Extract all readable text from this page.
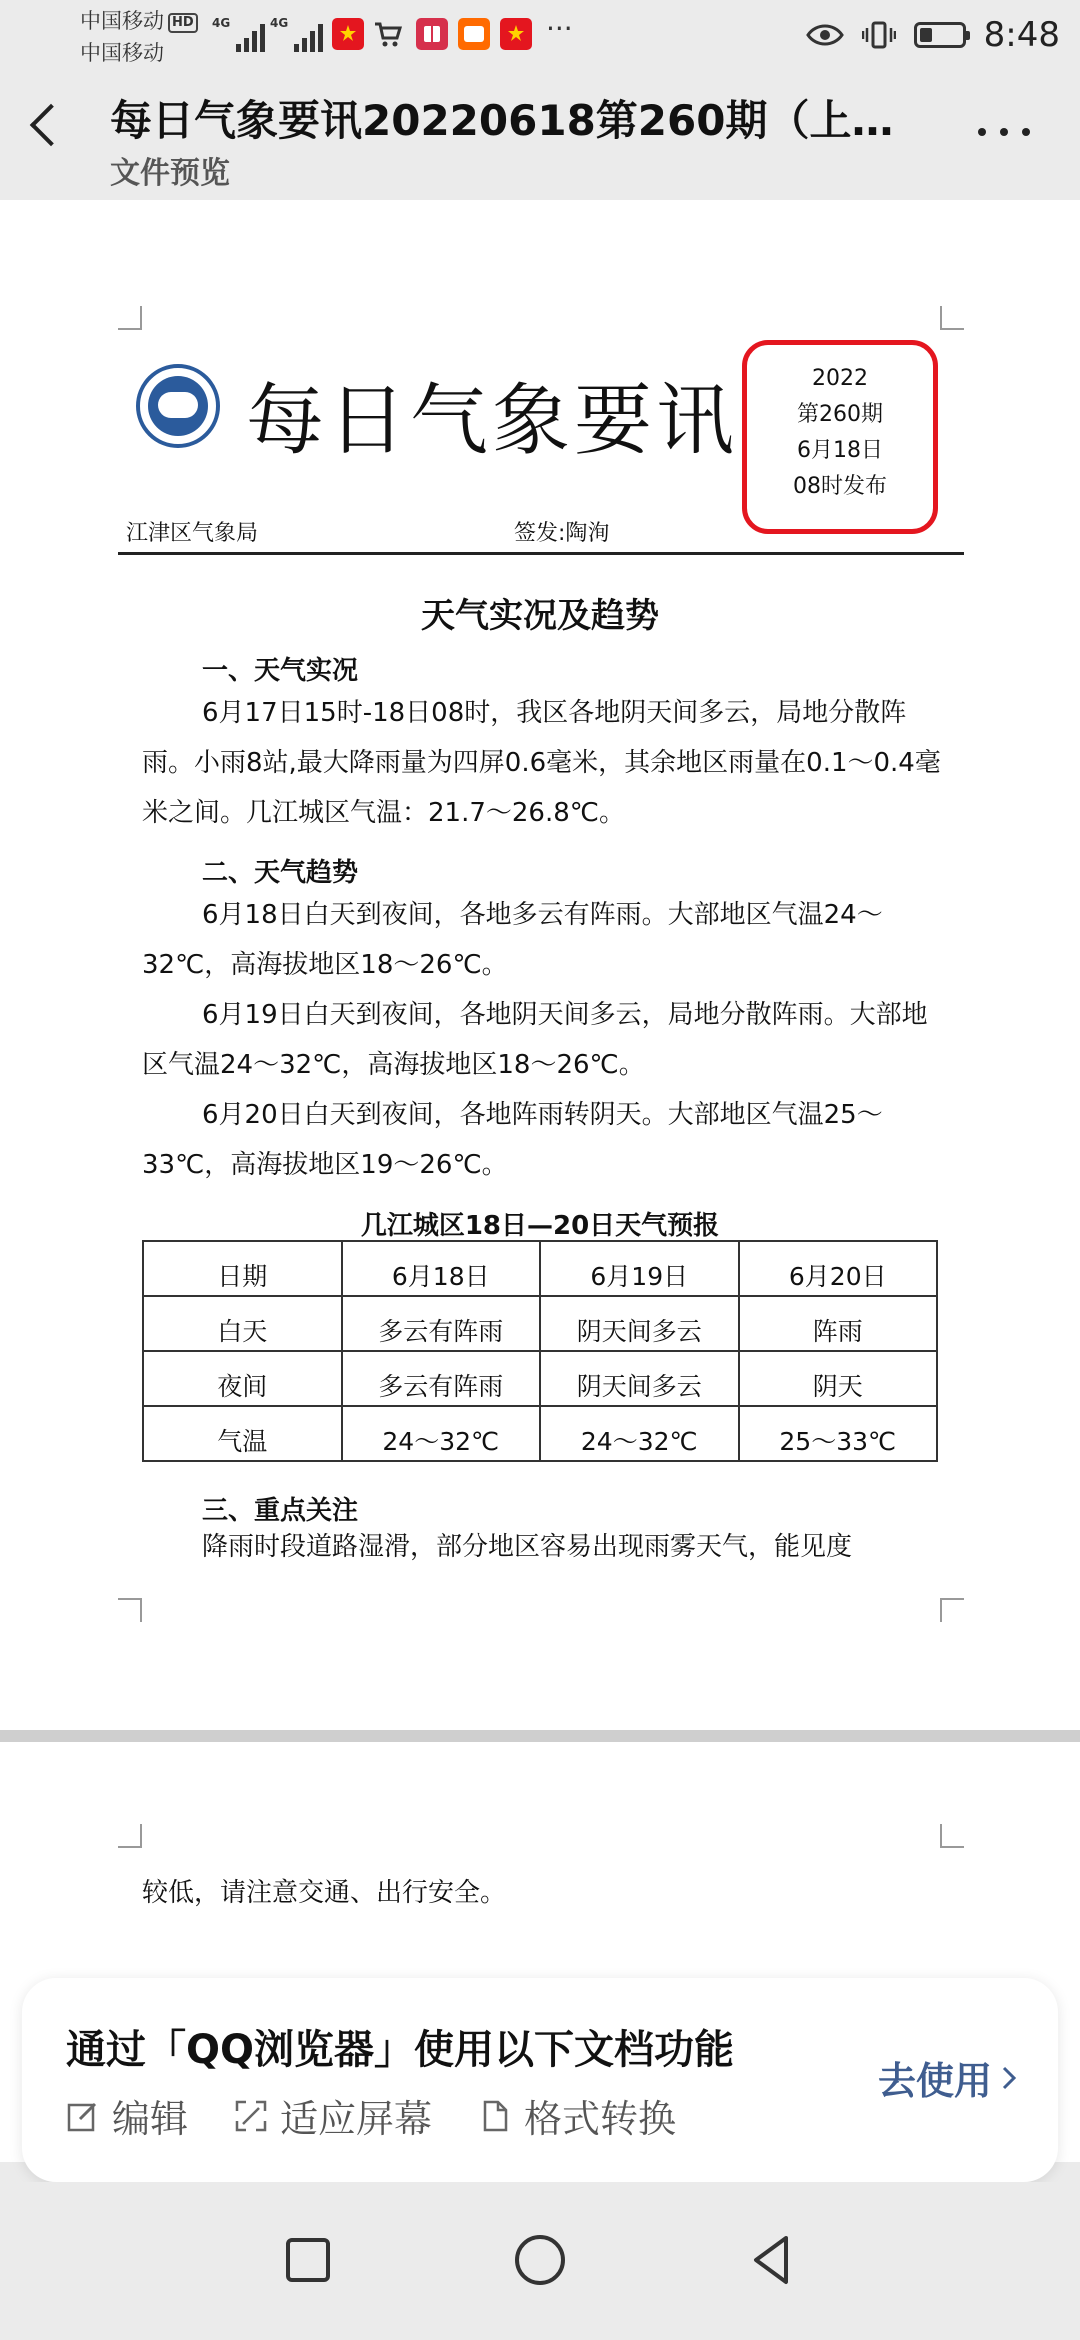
中国移动 HD
中国移动
4G	4G	···	8:48
每日气象要讯20220618第260期（上…
文件预览
每日气象要讯	2022
第260期
6月18日
08时发布
江津区气象局	签发:陶洵
天气实况及趋势
一、天气实况
6月17日15时-18日08时，我区各地阴天间多云，局地分散阵雨。小雨8站,最大降雨量为四屏0.6毫米，其余地区雨量在0.1～0.4毫米之间。几江城区气温：21.7～26.8℃。
二、天气趋势
6月18日白天到夜间，各地多云有阵雨。大部地区气温24～32℃，高海拔地区18～26℃。
6月19日白天到夜间，各地阴天间多云，局地分散阵雨。大部地区气温24～32℃，高海拔地区18～26℃。
6月20日白天到夜间，各地阵雨转阴天。大部地区气温25～33℃，高海拔地区19～26℃。
几江城区18日—20日天气预报
日期	6月18日	6月19日	6月20日
白天	多云有阵雨	阴天间多云	阵雨
夜间	多云有阵雨	阴天间多云	阴天
气温	24～32℃	24～32℃	25～33℃
三、重点关注
降雨时段道路湿滑，部分地区容易出现雨雾天气，能见度
较低，请注意交通、出行安全。
通过「QQ浏览器」使用以下文档功能
编辑 适应屏幕 格式转换
去使用
